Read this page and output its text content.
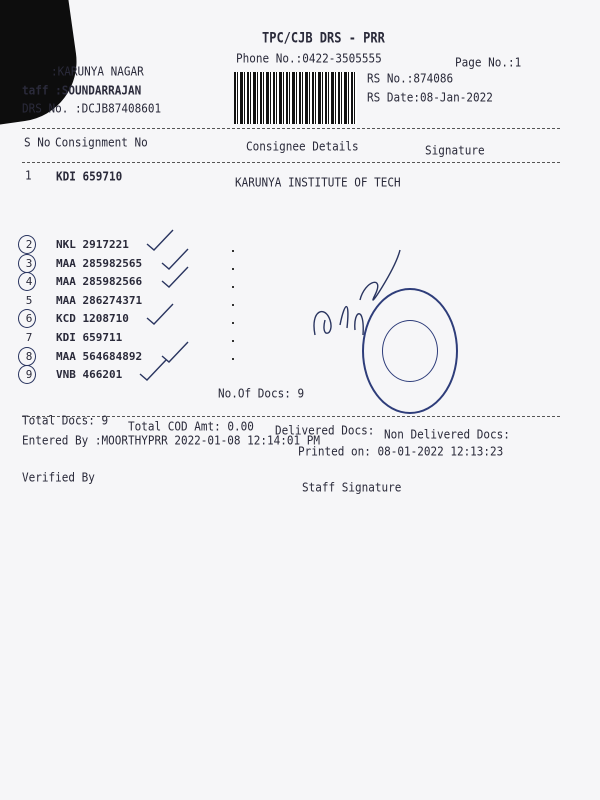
TPC/CJB DRS - PRR
Phone No.:0422-3505555	Page No.:1
:KARUNYA NAGAR
taff :SOUNDARRAJAN
DRS No. :DCJB87408601
RS No.:874086
RS Date:08-Jan-2022
S No Consignment No	Consignee Details	Signature
1 KDI 659710	KARUNYA INSTITUTE OF TECH
2	NKL 2917221
3	MAA 285982565
4	MAA 285982566
5	MAA 286274371
6	KCD 1208710
7	KDI 659711
8	MAA 564684892
9	VNB 466201
No.Of Docs: 9
Total Docs: 9 Total COD Amt: 0.00 Delivered Docs: Non Delivered Docs:
Entered By :MOORTHYPRR 2022-01-08 12:14:01 PM
Printed on: 08-01-2022 12:13:23
Verified By
Staff Signature
